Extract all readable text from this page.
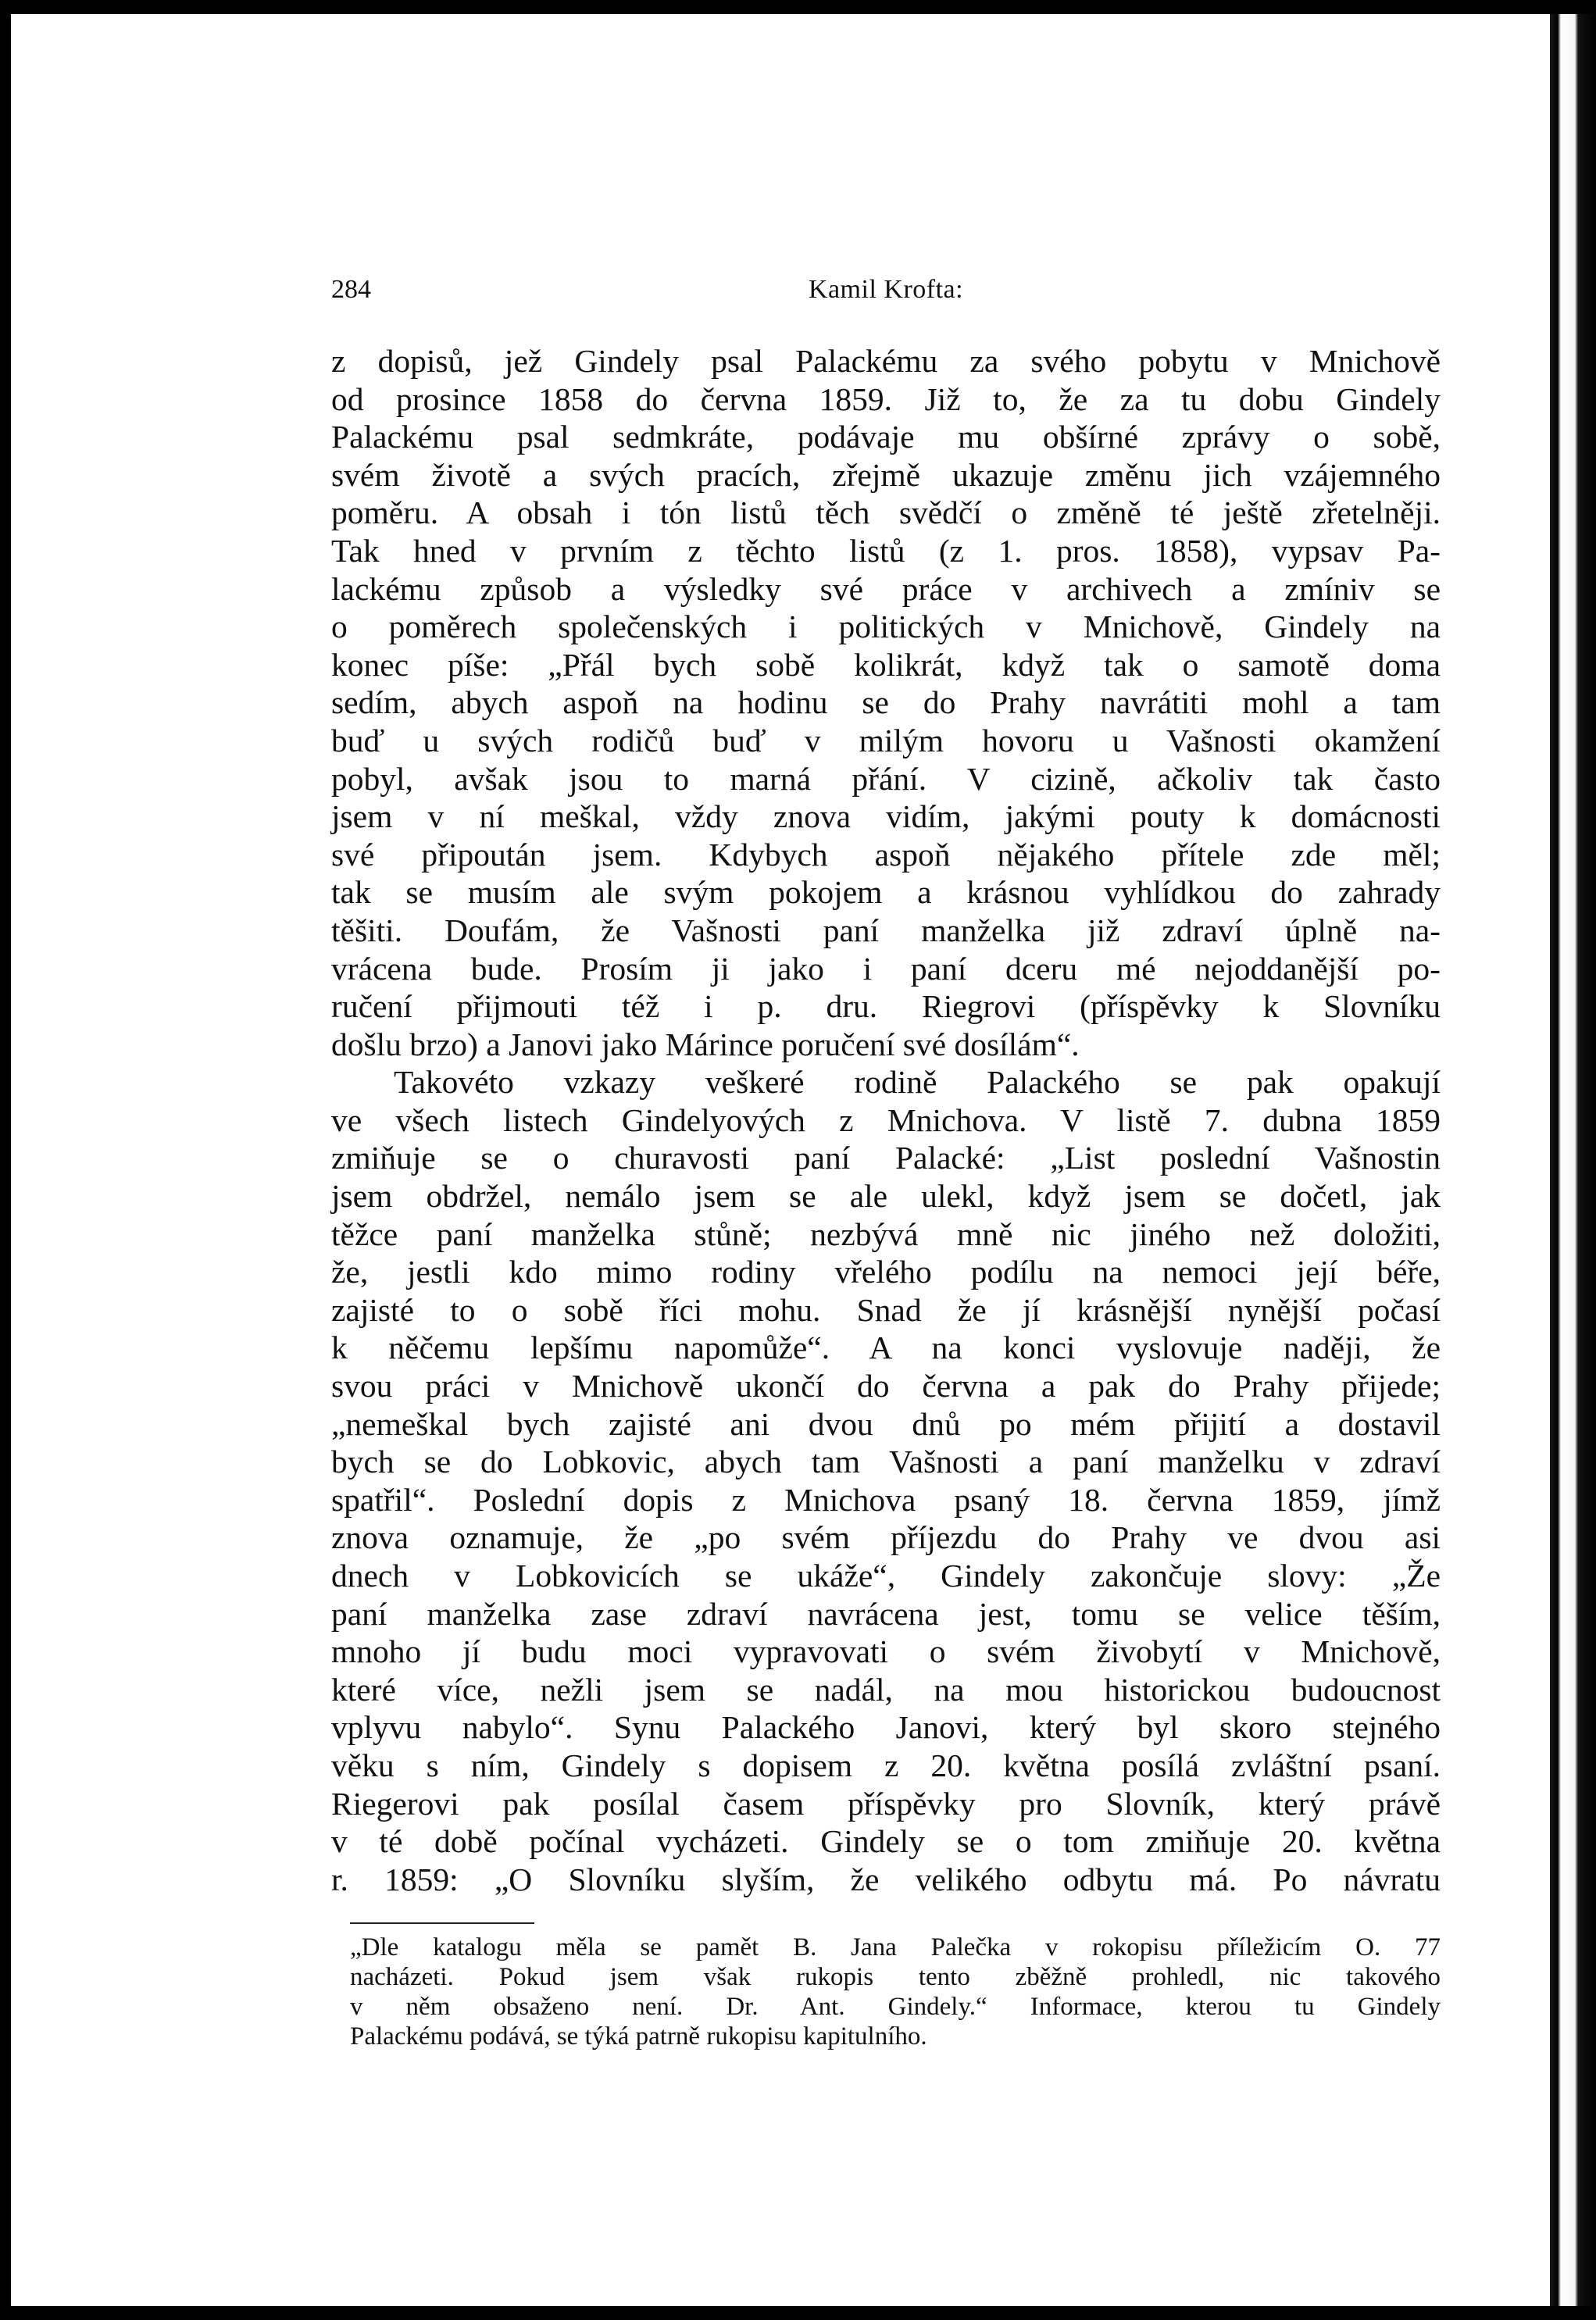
284	Kamil Krofta:
z dopisů, jež Gindely psal Palackému za svého pobytu v Mnichově
od prosince 1858 do června 1859. Již to, že za tu dobu Gindely
Palackému psal sedmkráte, podávaje mu obšírné zprávy o sobě,
svém životě a svých pracích, zřejmě ukazuje změnu jich vzájemného
poměru. A obsah i tón listů těch svědčí o změně té ještě zřetelněji.
Tak hned v prvním z těchto listů (z 1. pros. 1858), vypsav Pa-
lackému způsob a výsledky své práce v archivech a zmíniv se
o poměrech společenských i politických v Mnichově, Gindely na
konec píše: „Přál bych sobě kolikrát, když tak o samotě doma
sedím, abych aspoň na hodinu se do Prahy navrátiti mohl a tam
buď u svých rodičů buď v milým hovoru u Vašnosti okamžení
pobyl, avšak jsou to marná přání. V cizině, ačkoliv tak často
jsem v ní meškal, vždy znova vidím, jakými pouty k domácnosti
své připoután jsem. Kdybych aspoň nějakého přítele zde měl;
tak se musím ale svým pokojem a krásnou vyhlídkou do zahrady
těšiti. Doufám, že Vašnosti paní manželka již zdraví úplně na-
vrácena bude. Prosím ji jako i paní dceru mé nejoddanější po-
ručení přijmouti též i p. dru. Riegrovi (příspěvky k Slovníku
došlu brzo) a Janovi jako Márince poručení své dosílám“.
Takovéto vzkazy veškeré rodině Palackého se pak opakují
ve všech listech Gindelyových z Mnichova. V listě 7. dubna 1859
zmiňuje se o churavosti paní Palacké: „List poslední Vašnostin
jsem obdržel, nemálo jsem se ale ulekl, když jsem se dočetl, jak
těžce paní manželka stůně; nezbývá mně nic jiného než doložiti,
že, jestli kdo mimo rodiny vřelého podílu na nemoci její béře,
zajisté to o sobě říci mohu. Snad že jí krásnější nynější počasí
k něčemu lepšímu napomůže“. A na konci vyslovuje naději, že
svou práci v Mnichově ukončí do června a pak do Prahy přijede;
„nemeškal bych zajisté ani dvou dnů po mém přijití a dostavil
bych se do Lobkovic, abych tam Vašnosti a paní manželku v zdraví
spatřil“. Poslední dopis z Mnichova psaný 18. června 1859, jímž
znova oznamuje, že „po svém příjezdu do Prahy ve dvou asi
dnech v Lobkovicích se ukáže“, Gindely zakončuje slovy: „Že
paní manželka zase zdraví navrácena jest, tomu se velice těším,
mnoho jí budu moci vypravovati o svém živobytí v Mnichově,
které více, nežli jsem se nadál, na mou historickou budoucnost
vplyvu nabylo“. Synu Palackého Janovi, který byl skoro stejného
věku s ním, Gindely s dopisem z 20. května posílá zvláštní psaní.
Riegerovi pak posílal časem příspěvky pro Slovník, který právě
v té době počínal vycházeti. Gindely se o tom zmiňuje 20. května
r. 1859: „O Slovníku slyším, že velikého odbytu má. Po návratu
„Dle katalogu měla se pamět B. Jana Palečka v rokopisu příležicím O. 77
nacházeti. Pokud jsem však rukopis tento zběžně prohledl, nic takového
v něm obsaženo není. Dr. Ant. Gindely.“ Informace, kterou tu Gindely
Palackému podává, se týká patrně rukopisu kapitulního.
